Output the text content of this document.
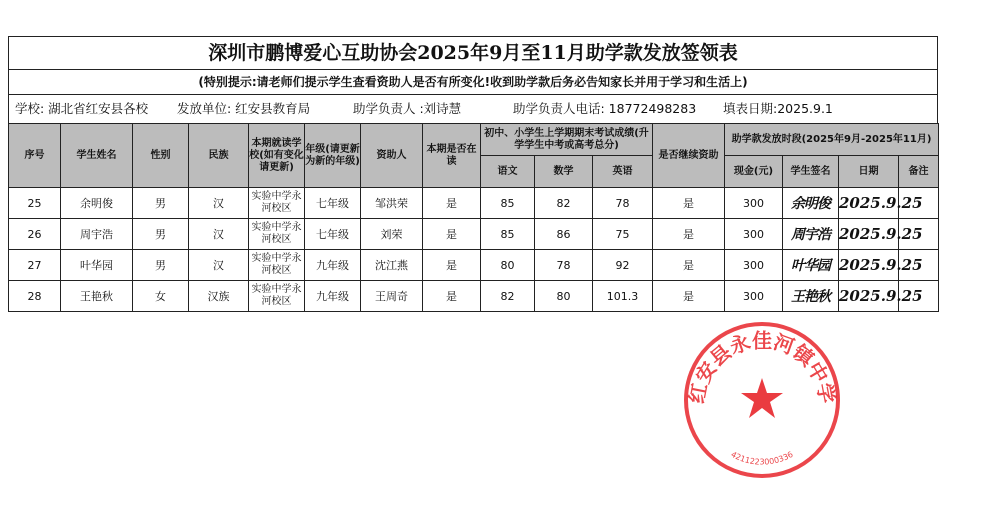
深圳市鹏博爱心互助协会2025年9月至11月助学款发放签领表
(特别提示:请老师们提示学生查看资助人是否有所变化!收到助学款后务必告知家长并用于学习和生活上)
学校: 湖北省红安县各校	发放单位: 红安县教育局	助学负责人 :刘诗慧	助学负责人电话: 18772498283	填表日期:2025.9.1
序号	学生姓名	性别	民族	本期就读学校(如有变化请更新)	年级(请更新为新的年级)	资助人	本期是否在读	初中、小学生上学期期末考试成绩(升学学生中考或高考总分)			是否继续资助	助学款发放时段(2025年9月-2025年11月)			
								语文	数学	英语		现金(元)	学生签名	日期	备注
25	余明俊	男	汉	实验中学永河校区	七年级	邹洪荣	是	85	82	78	是	300	余明俊	2025.9.25	
26	周宇浩	男	汉	实验中学永河校区	七年级	刘荣	是	85	86	75	是	300	周宇浩	2025.9.25	
27	叶华园	男	汉	实验中学永河校区	九年级	沈江燕	是	80	78	92	是	300	叶华园	2025.9.25	
28	王艳秋	女	汉族	实验中学永河校区	九年级	王周奇	是	82	80	101.3	是	300	王艳秋	2025.9.25	
红安县永佳河镇中学
4211223000336
